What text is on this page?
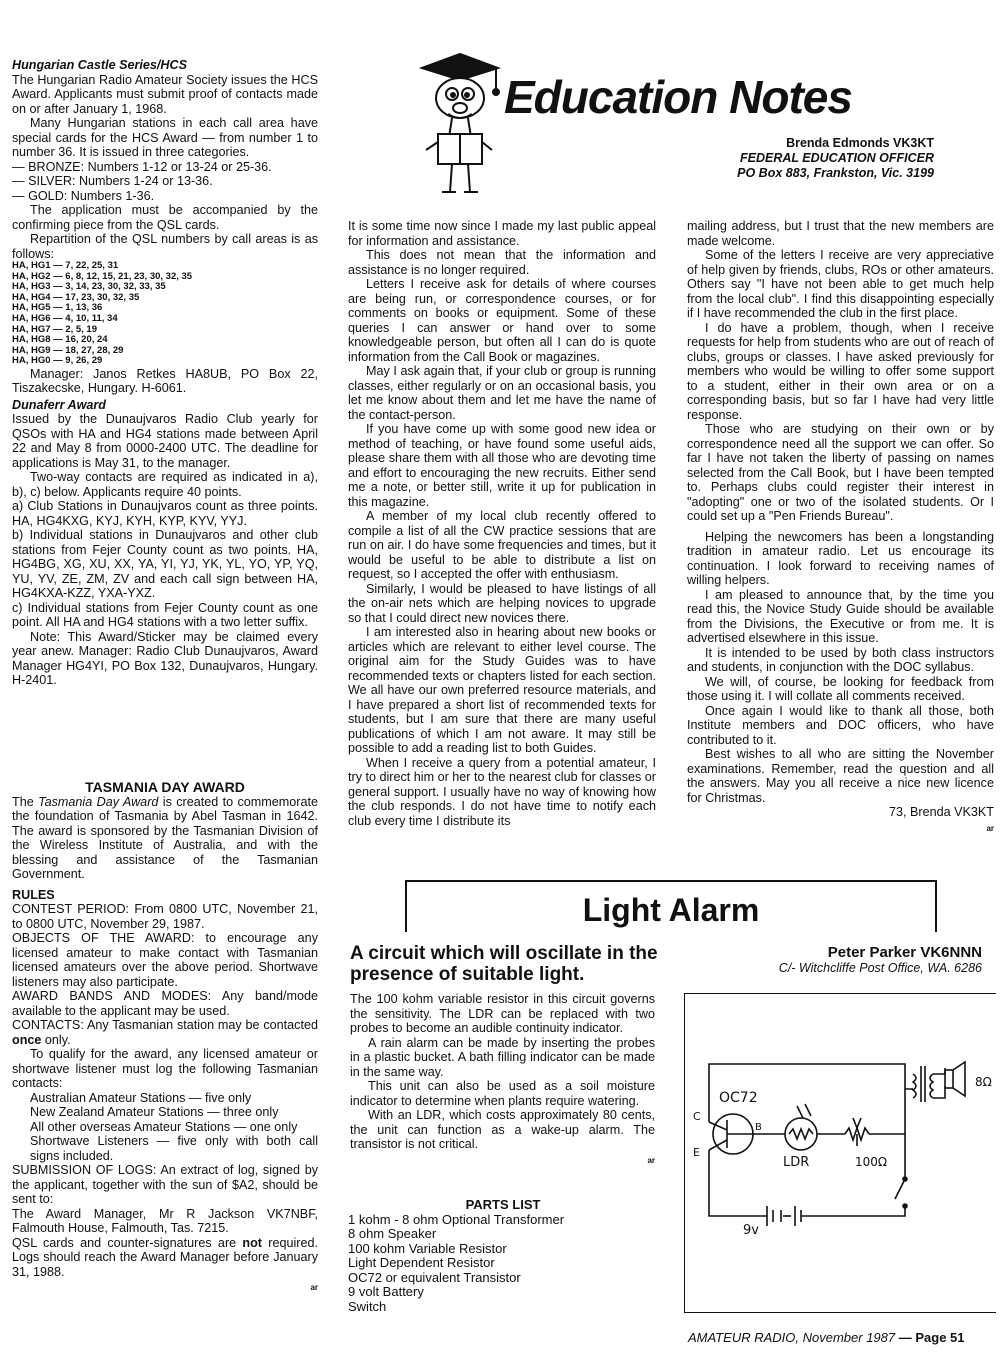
Hungarian Castle Series/HCS

The Hungarian Radio Amateur Society issues the HCS Award. Applicants must submit proof of contacts made on or after January 1, 1968.

Many Hungarian stations in each call area have special cards for the HCS Award — from number 1 to number 36. It is issued in three categories.

— BRONZE: Numbers 1-12 or 13-24 or 25-36.

— SILVER: Numbers 1-24 or 13-36.

— GOLD: Numbers 1-36.

The application must be accompanied by the confirming piece from the QSL cards.

Repartition of the QSL numbers by call areas is as follows:

HA, HG1 — 7, 22, 25, 31

HA, HG2 — 6, 8, 12, 15, 21, 23, 30, 32, 35

HA, HG3 — 3, 14, 23, 30, 32, 33, 35

HA, HG4 — 17, 23, 30, 32, 35

HA, HG5 — 1, 13, 36

HA, HG6 — 4, 10, 11, 34

HA, HG7 — 2, 5, 19

HA, HG8 — 16, 20, 24

HA, HG9 — 18, 27, 28, 29

HA, HG0 — 9, 26, 29

Manager: Janos Retkes HA8UB, PO Box 22, Tiszakecske, Hungary. H-6061.

Dunaferr Award

Issued by the Dunaujvaros Radio Club yearly for QSOs with HA and HG4 stations made between April 22 and May 8 from 0000-2400 UTC. The deadline for applications is May 31, to the manager.

Two-way contacts are required as indicated in a), b), c) below. Applicants require 40 points.

a) Club Stations in Dunaujvaros count as three points. HA, HG4KXG, KYJ, KYH, KYP, KYV, YYJ.

b) Individual stations in Dunaujvaros and other club stations from Fejer County count as two points. HA, HG4BG, XG, XU, XX, YA, YI, YJ, YK, YL, YO, YP, YQ, YU, YV, ZE, ZM, ZV and each call sign between HA, HG4KXA-KZZ, YXA-YXZ.

c) Individual stations from Fejer County count as one point. All HA and HG4 stations with a two letter suffix.

Note: This Award/Sticker may be claimed every year anew. Manager: Radio Club Dunaujvaros, Award Manager HG4YI, PO Box 132, Dunaujvaros, Hungary. H-2401.

TASMANIA DAY AWARD

The Tasmania Day Award is created to commemorate the foundation of Tasmania by Abel Tasman in 1642. The award is sponsored by the Tasmanian Division of the Wireless Institute of Australia, and with the blessing and assistance of the Tasmanian Government.

RULES

CONTEST PERIOD: From 0800 UTC, November 21, to 0800 UTC, November 29, 1987.

OBJECTS OF THE AWARD: to encourage any licensed amateur to make contact with Tasmanian licensed amateurs over the above period. Shortwave listeners may also participate.

AWARD BANDS AND MODES: Any band/mode available to the applicant may be used.

CONTACTS: Any Tasmanian station may be contacted once only.

To qualify for the award, any licensed amateur or shortwave listener must log the following Tasmanian contacts:

Australian Amateur Stations — five only

New Zealand Amateur Stations — three only

All other overseas Amateur Stations — one only

Shortwave Listeners — five only with both call signs included.

SUBMISSION OF LOGS: An extract of log, signed by the applicant, together with the sun of $A2, should be sent to:

The Award Manager, Mr R Jackson VK7NBF, Falmouth House, Falmouth, Tas. 7215.

QSL cards and counter-signatures are not required. Logs should reach the Award Manager before January 31, 1988.

ar
Education Notes
Brenda Edmonds VK3KT
FEDERAL EDUCATION OFFICER
PO Box 883, Frankston, Vic. 3199

It is some time now since I made my last public appeal for information and assistance.

This does not mean that the information and assistance is no longer required.

Letters I receive ask for details of where courses are being run, or correspondence courses, or for comments on books or equipment. Some of these queries I can answer or hand over to some knowledgeable person, but often all I can do is quote information from the Call Book or magazines.

May I ask again that, if your club or group is running classes, either regularly or on an occasional basis, you let me know about them and let me have the name of the contact-person.

If you have come up with some good new idea or method of teaching, or have found some useful aids, please share them with all those who are devoting time and effort to encouraging the new recruits. Either send me a note, or better still, write it up for publication in this magazine.

A member of my local club recently offered to compile a list of all the CW practice sessions that are run on air. I do have some frequencies and times, but it would be useful to be able to distribute a list on request, so I accepted the offer with enthusiasm.

Similarly, I would be pleased to have listings of all the on-air nets which are helping novices to upgrade so that I could direct new novices there.

I am interested also in hearing about new books or articles which are relevant to either level course. The original aim for the Study Guides was to have recommended texts or chapters listed for each section. We all have our own preferred resource materials, and I have prepared a short list of recommended texts for students, but I am sure that there are many useful publications of which I am not aware. It may still be possible to add a reading list to both Guides.

When I receive a query from a potential amateur, I try to direct him or her to the nearest club for classes or general support. I usually have no way of knowing how the club responds. I do not have time to notify each club every time I distribute its

mailing address, but I trust that the new members are made welcome.

Some of the letters I receive are very appreciative of help given by friends, clubs, ROs or other amateurs. Others say "I have not been able to get much help from the local club". I find this disappointing especially if I have recommended the club in the first place.

I do have a problem, though, when I receive requests for help from students who are out of reach of clubs, groups or classes. I have asked previously for members who would be willing to offer some support to a student, either in their own area or on a corresponding basis, but so far I have had very little response.

Those who are studying on their own or by correspondence need all the support we can offer. So far I have not taken the liberty of passing on names selected from the Call Book, but I have been tempted to. Perhaps clubs could register their interest in "adopting" one or two of the isolated students. Or I could set up a "Pen Friends Bureau".

Helping the newcomers has been a longstanding tradition in amateur radio. Let us encourage its continuation. I look forward to receiving names of willing helpers.

I am pleased to announce that, by the time you read this, the Novice Study Guide should be available from the Divisions, the Executive or from me. It is advertised elsewhere in this issue.

It is intended to be used by both class instructors and students, in conjunction with the DOC syllabus.

We will, of course, be looking for feedback from those using it. I will collate all comments received.

Once again I would like to thank all those, both Institute members and DOC officers, who have contributed to it.

Best wishes to all who are sitting the November examinations. Remember, read the question and all the answers. May you all receive a nice new licence for Christmas.

73, Brenda VK3KT
ar
Light Alarm
A circuit which will oscillate in the presence of suitable light.
Peter Parker VK6NNN
C/- Witchcliffe Post Office, WA. 6286

The 100 kohm variable resistor in this circuit governs the sensitivity. The LDR can be replaced with two probes to become an audible continuity indicator.

A rain alarm can be made by inserting the probes in a plastic bucket. A bath filling indicator can be made in the same way.

This unit can also be used as a soil moisture indicator to determine when plants require watering.

With an LDR, which costs approximately 80 cents, the unit can function as a wake-up alarm. The transistor is not critical.

ar

PARTS LIST

1 kohm - 8 ohm Optional Transformer

8 ohm Speaker

100 kohm Variable Resistor

Light Dependent Resistor

OC72 or equivalent Transistor

9 volt Battery

Switch

OC72
B
C
E
LDR	100Ω
9v
8Ω
AMATEUR RADIO, November 1987 — Page 51
